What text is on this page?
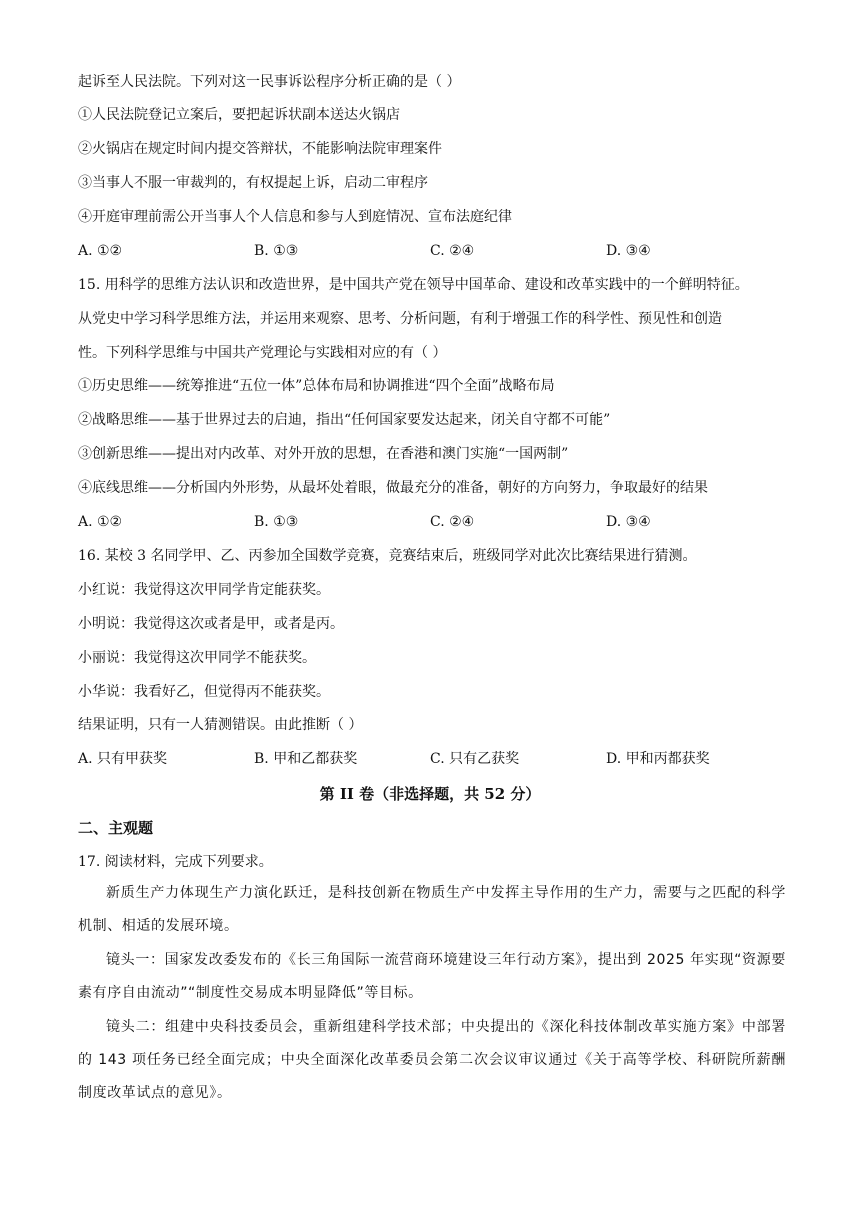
起诉至人民法院。下列对这一民事诉讼程序分析正确的是（ ）
①人民法院登记立案后，要把起诉状副本送达火锅店
②火锅店在规定时间内提交答辩状，不能影响法院审理案件
③当事人不服一审裁判的，有权提起上诉，启动二审程序
④开庭审理前需公开当事人个人信息和参与人到庭情况、宣布法庭纪律
A. ①②	B. ①③	C. ②④	D. ③④
15. 用科学的思维方法认识和改造世界，是中国共产党在领导中国革命、建设和改革实践中的一个鲜明特征。
从党史中学习科学思维方法，并运用来观察、思考、分析问题，有利于增强工作的科学性、预见性和创造
性。下列科学思维与中国共产党理论与实践相对应的有（ ）
①历史思维——统筹推进“五位一体”总体布局和协调推进“四个全面”战略布局
②战略思维——基于世界过去的启迪，指出“任何国家要发达起来，闭关自守都不可能”
③创新思维——提出对内改革、对外开放的思想，在香港和澳门实施“一国两制”
④底线思维——分析国内外形势，从最坏处着眼，做最充分的准备，朝好的方向努力，争取最好的结果
A. ①②	B. ①③	C. ②④	D. ③④
16. 某校 3 名同学甲、乙、丙参加全国数学竞赛，竞赛结束后，班级同学对此次比赛结果进行猜测。
小红说：我觉得这次甲同学肯定能获奖。
小明说：我觉得这次或者是甲，或者是丙。
小丽说：我觉得这次甲同学不能获奖。
小华说：我看好乙，但觉得丙不能获奖。
结果证明，只有一人猜测错误。由此推断（ ）
A. 只有甲获奖	B. 甲和乙都获奖	C. 只有乙获奖	D. 甲和丙都获奖
第 II 卷（非选择题，共 52 分）
二、主观题
17. 阅读材料，完成下列要求。
新质生产力体现生产力演化跃迁，是科技创新在物质生产中发挥主导作用的生产力，需要与之匹配的科学机制、相适的发展环境。
镜头一：国家发改委发布的《长三角国际一流营商环境建设三年行动方案》，提出到 2025 年实现“资源要素有序自由流动”“制度性交易成本明显降低”等目标。
镜头二：组建中央科技委员会，重新组建科学技术部；中央提出的《深化科技体制改革实施方案》中部署的 143 项任务已经全面完成；中央全面深化改革委员会第二次会议审议通过《关于高等学校、科研院所薪酬制度改革试点的意见》。
